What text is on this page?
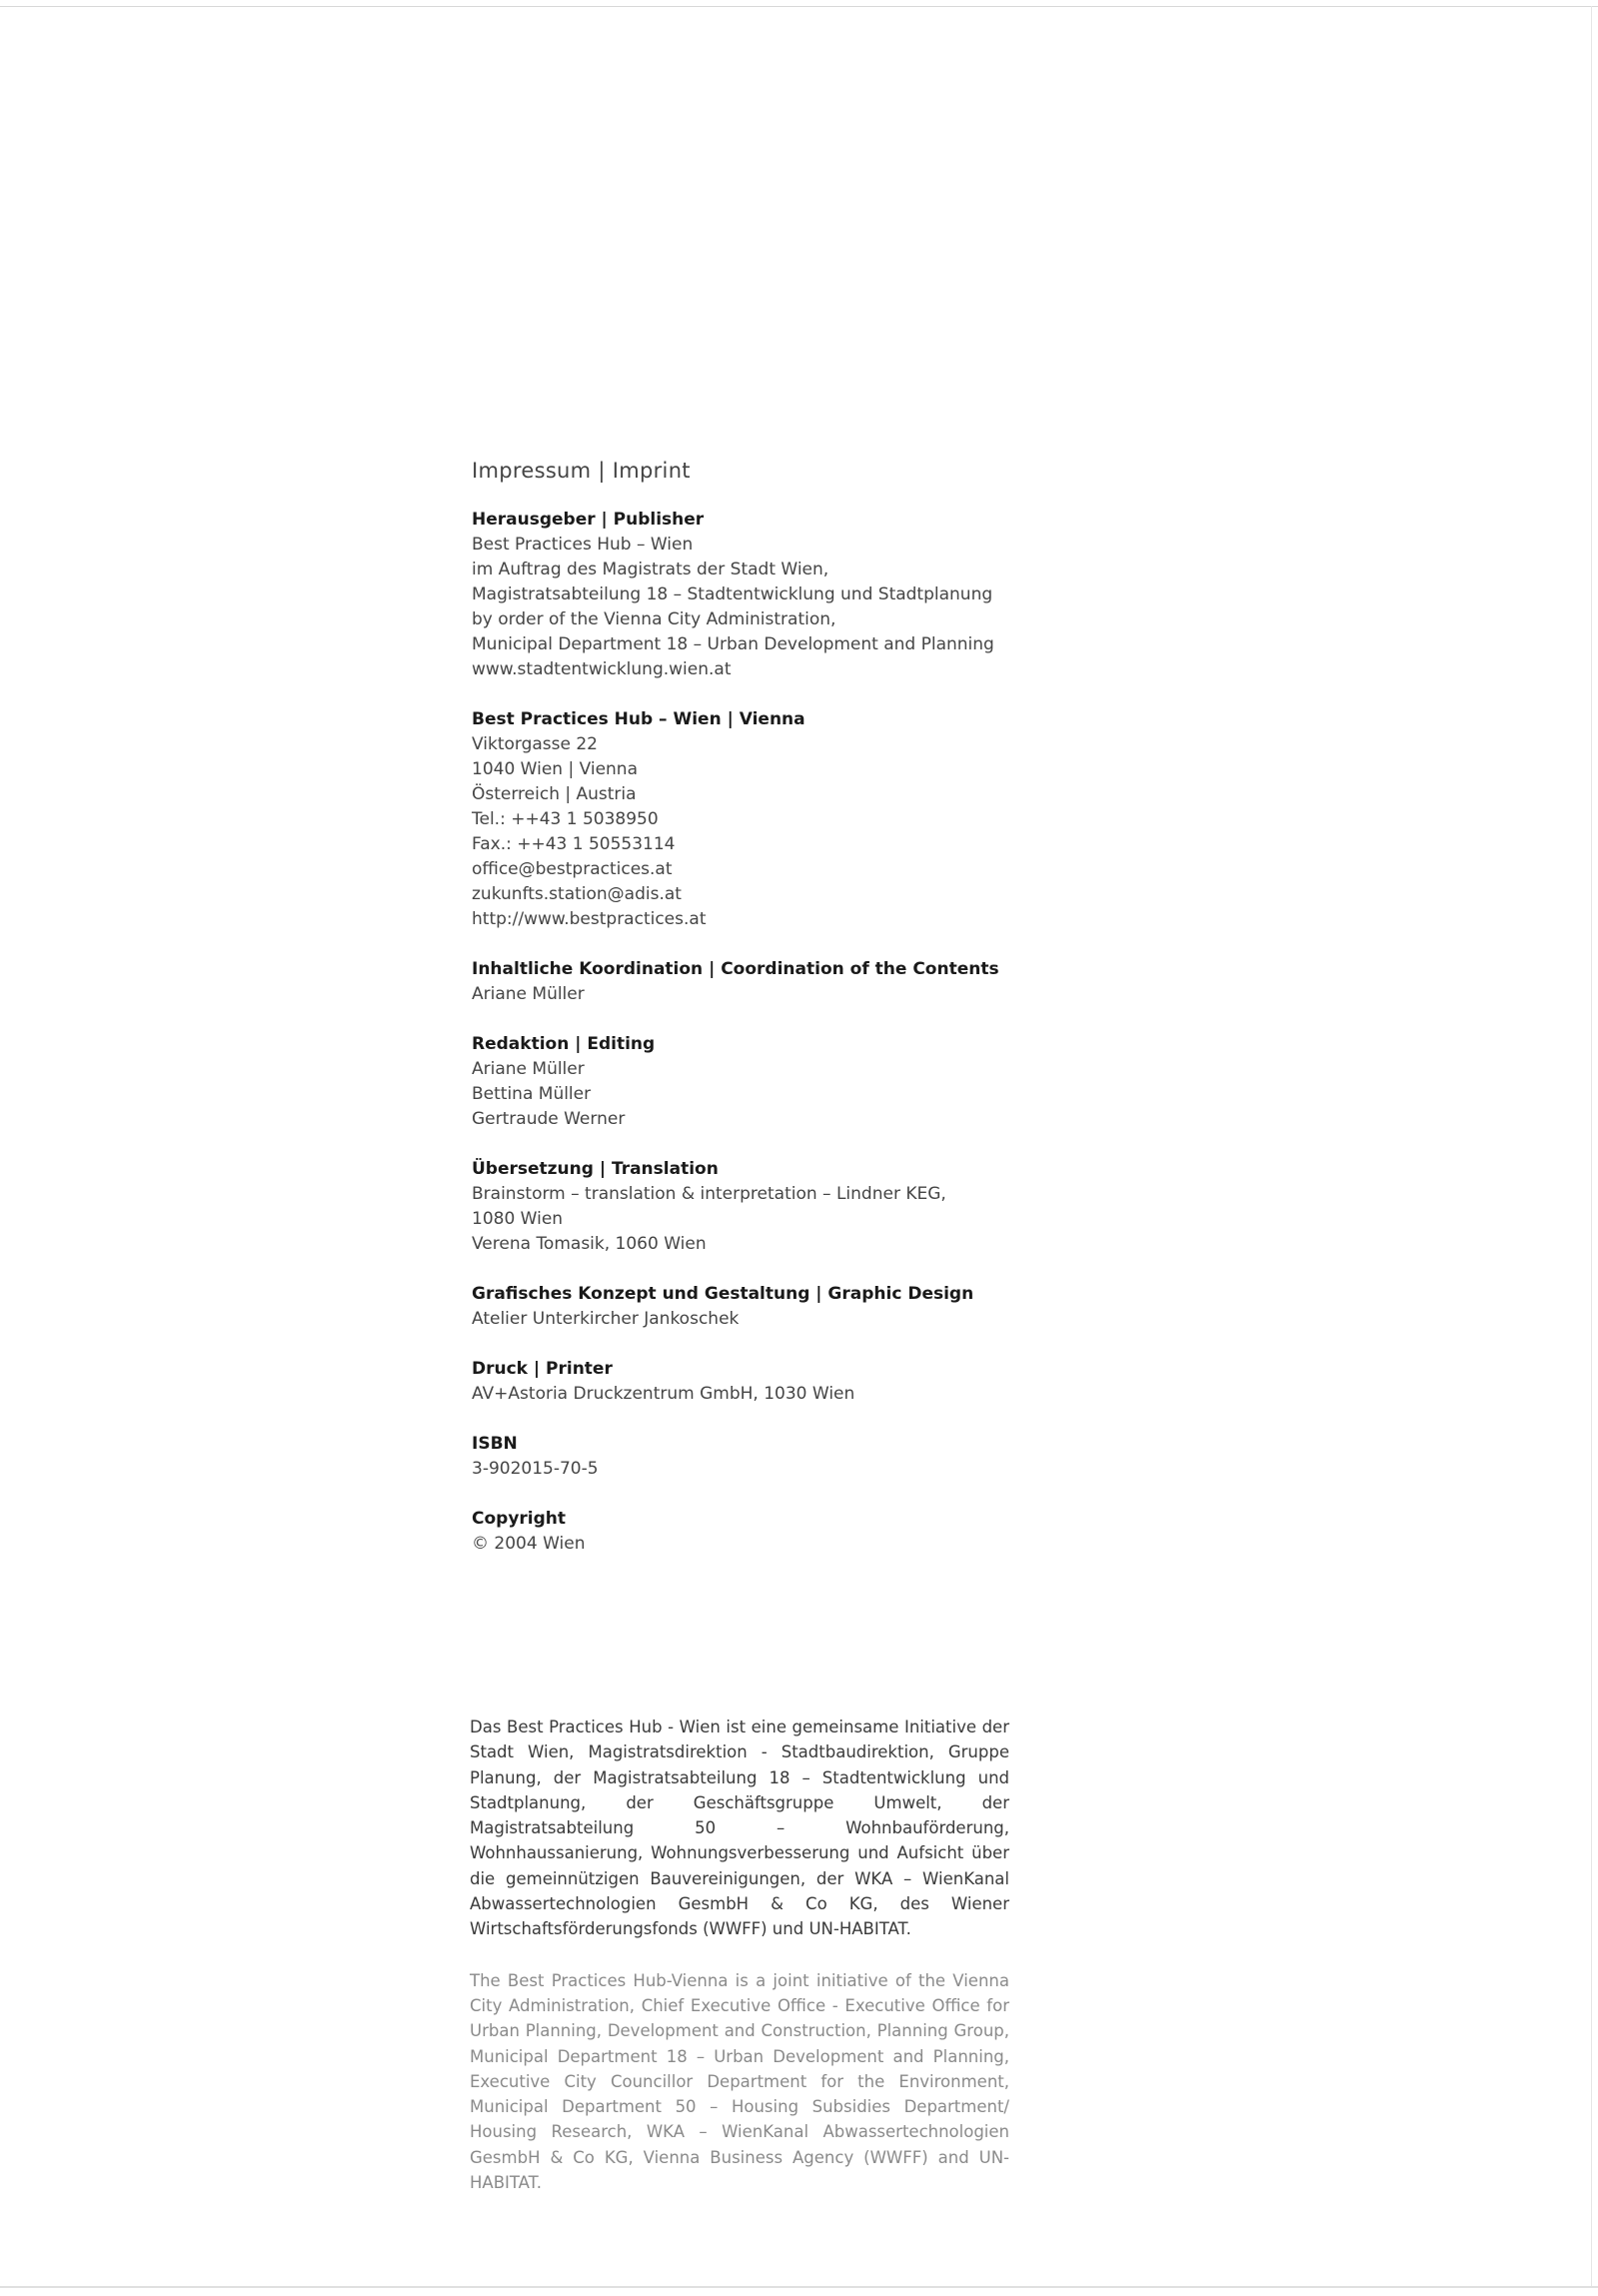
Impressum | Imprint

Herausgeber | Publisher

Best Practices Hub – Wien

im Auftrag des Magistrats der Stadt Wien,

Magistratsabteilung 18 – Stadtentwicklung und Stadtplanung

by order of the Vienna City Administration,

Municipal Department 18 – Urban Development and Planning

www.stadtentwicklung.wien.at

Best Practices Hub – Wien | Vienna

Viktorgasse 22

1040 Wien | Vienna

Österreich | Austria

Tel.: ++43 1 5038950

Fax.: ++43 1 50553114

office@bestpractices.at

zukunfts.station@adis.at

http://www.bestpractices.at

Inhaltliche Koordination | Coordination of the Contents

Ariane Müller

Redaktion | Editing

Ariane Müller

Bettina Müller

Gertraude Werner

Übersetzung | Translation

Brainstorm – translation & interpretation – Lindner KEG,

1080 Wien

Verena Tomasik, 1060 Wien

Grafisches Konzept und Gestaltung | Graphic Design

Atelier Unterkircher Jankoschek

Druck | Printer

AV+Astoria Druckzentrum GmbH, 1030 Wien

ISBN

3-902015-70-5

Copyright

© 2004 Wien

Das Best Practices Hub - Wien ist eine gemeinsame Initiative der Stadt Wien, Magistratsdirektion - Stadtbaudirektion, Gruppe Planung, der Magistratsabteilung 18 – Stadtentwicklung und Stadtplanung, der Geschäftsgruppe Umwelt, der Magistratsabteilung 50 – Wohnbauförderung, Wohnhaussanierung, Wohnungsverbesserung und Aufsicht über die gemeinnützigen Bauvereinigungen, der WKA – WienKanal Abwassertechnologien GesmbH & Co KG, des Wiener Wirtschaftsförderungsfonds (WWFF) und UN-HABITAT.

The Best Practices Hub-Vienna is a joint initiative of the Vienna City Administration, Chief Executive Office - Executive Office for Urban Planning, Development and Construction, Planning Group, Municipal Department 18 – Urban Development and Planning, Executive City Councillor Department for the Environment, Municipal Department 50 – Housing Subsidies Department/ Housing Research, WKA – WienKanal Abwassertechnologien GesmbH & Co KG, Vienna Business Agency (WWFF) and UN-HABITAT.
